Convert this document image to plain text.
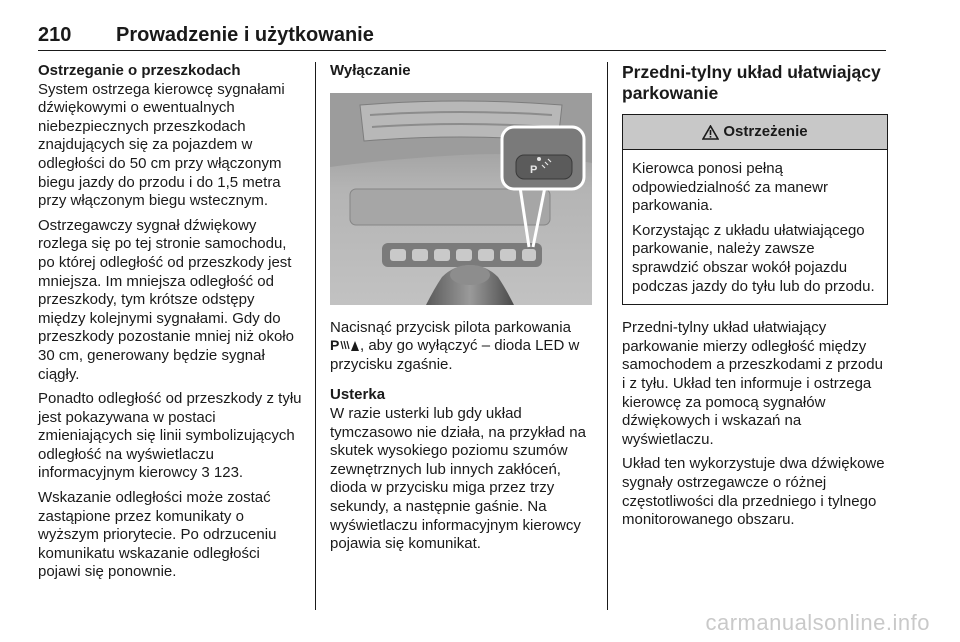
210 Prowadzenie i użytkowanie
Ostrzeganie o przeszkodach

System ostrzega kierowcę sygnałami dźwiękowymi o ewentualnych niebezpiecznych przeszkodach znajdujących się za pojazdem w odległości do 50 cm przy włączonym biegu jazdy do przodu i do 1,5 metra przy włączonym biegu wstecznym.

Ostrzegawczy sygnał dźwiękowy rozlega się po tej stronie samochodu, po której odległość od przeszkody jest mniejsza. Im mniejsza odległość od przeszkody, tym krótsze odstępy między kolejnymi sygnałami. Gdy do przeszkody pozostanie mniej niż około 30 cm, generowany będzie sygnał ciągły.

Ponadto odległość od przeszkody z tyłu jest pokazywana w postaci zmieniających się linii symbolizujących odległość na wyświetlaczu informacyjnym kierowcy 3 123.

Wskazanie odległości może zostać zastąpione przez komunikaty o wyższym priorytecie. Po odrzuceniu komunikatu wskazanie odległości pojawi się ponownie.

Wyłączanie
P

Nacisnąć przycisk pilota parkowania
P , aby go wyłączyć – dioda LED w przycisku zgaśnie.

Usterka

W razie usterki lub gdy układ tymczasowo nie działa, na przykład na skutek wysokiego poziomu szumów zewnętrznych lub innych zakłóceń, dioda w przycisku miga przez trzy sekundy, a następnie gaśnie. Na wyświetlaczu informacyjnym kierowcy pojawia się komunikat.

Przedni-tylny układ ułatwiający parkowanie
Ostrzeżenie

Kierowca ponosi pełną odpowiedzialność za manewr parkowania.

Korzystając z układu ułatwiającego parkowanie, należy zawsze sprawdzić obszar wokół pojazdu podczas jazdy do tyłu lub do przodu.

Przedni-tylny układ ułatwiający parkowanie mierzy odległość między samochodem a przeszkodami z przodu i z tyłu. Układ ten informuje i ostrzega kierowcę za pomocą sygnałów dźwiękowych i wskazań na wyświetlaczu.

Układ ten wykorzystuje dwa dźwiękowe sygnały ostrzegawcze o różnej częstotliwości dla przedniego i tylnego monitorowanego obszaru.

carmanualsonline.info
